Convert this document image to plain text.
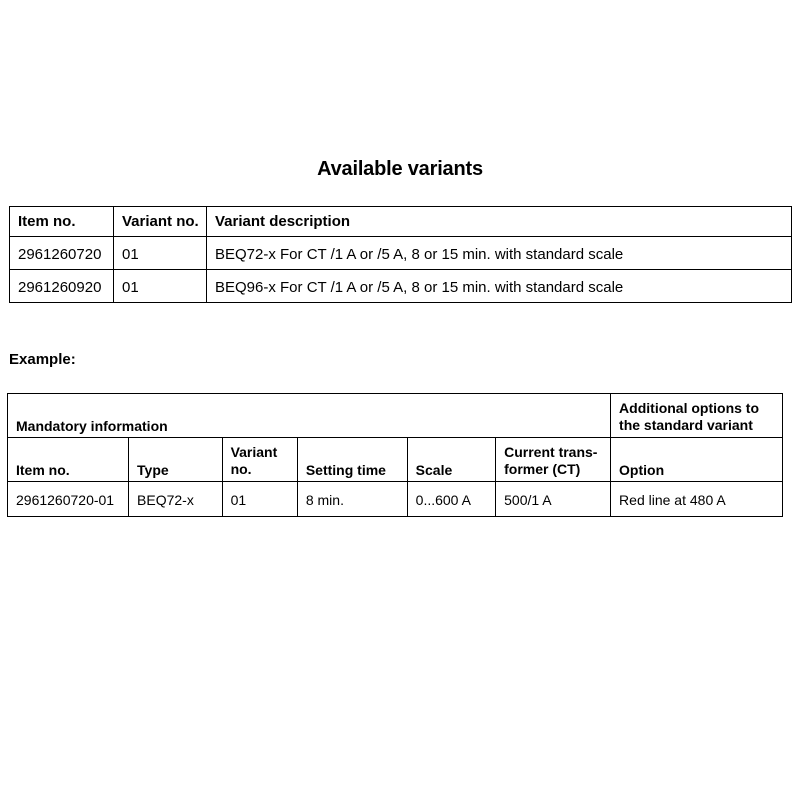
Available variants
Item no.	Variant no.	Variant description
2961260720	01	BEQ72-x For CT /1 A or /5 A, 8 or 15 min. with standard scale
2961260920	01	BEQ96-x For CT /1 A or /5 A, 8 or 15 min. with standard scale
Example:
Mandatory information						Additional options to the standard variant
Item no.	Type	Variant no.	Setting time	Scale	Current trans-former (CT)	Option
2961260720-01	BEQ72-x	01	8 min.	0...600 A	500/1 A	Red line at 480 A
